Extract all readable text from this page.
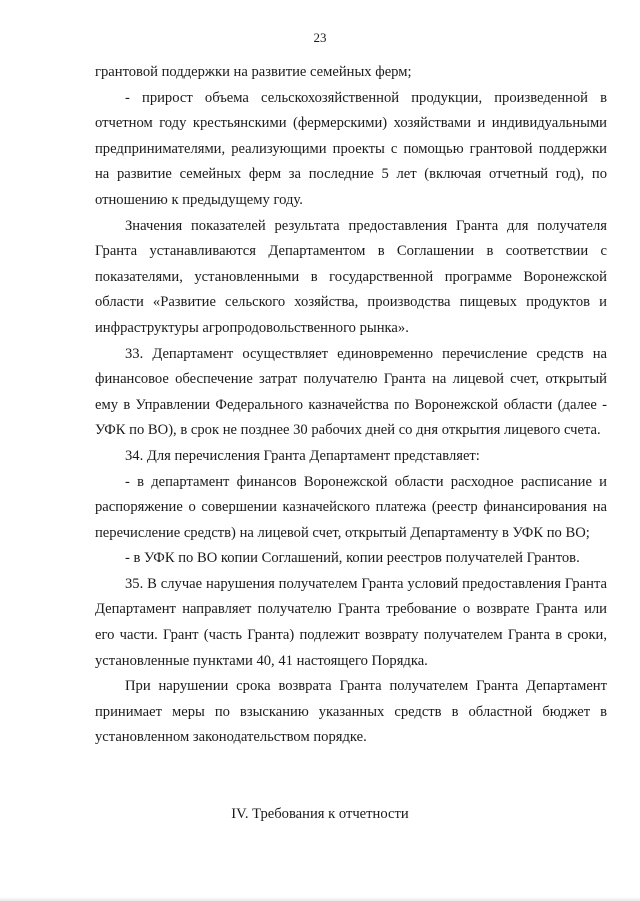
23

грантовой поддержки на развитие семейных ферм;

- прирост объема сельскохозяйственной продукции, произведенной в отчетном году крестьянскими (фермерскими) хозяйствами и индивидуальными предпринимателями, реализующими проекты с помощью грантовой поддержки на развитие семейных ферм за последние 5 лет (включая отчетный год), по отношению к предыдущему году.

Значения показателей результата предоставления Гранта для получателя Гранта устанавливаются Департаментом в Соглашении в соответствии с показателями, установленными в государственной программе Воронежской области «Развитие сельского хозяйства, производства пищевых продуктов и инфраструктуры агропродовольственного рынка».

33. Департамент осуществляет единовременно перечисление средств на финансовое обеспечение затрат получателю Гранта на лицевой счет, открытый ему в Управлении Федерального казначейства по Воронежской области (далее - УФК по ВО), в срок не позднее 30 рабочих дней со дня открытия лицевого счета.

34. Для перечисления Гранта Департамент представляет:

- в департамент финансов Воронежской области расходное расписание и распоряжение о совершении казначейского платежа (реестр финансирования на перечисление средств) на лицевой счет, открытый Департаменту в УФК по ВО;

- в УФК по ВО копии Соглашений, копии реестров получателей Грантов.

35. В случае нарушения получателем Гранта условий предоставления Гранта Департамент направляет получателю Гранта требование о возврате Гранта или его части. Грант (часть Гранта) подлежит возврату получателем Гранта в сроки, установленные пунктами 40, 41 настоящего Порядка.

При нарушении срока возврата Гранта получателем Гранта Департамент принимает меры по взысканию указанных средств в областной бюджет в установленном законодательством порядке.

IV. Требования к отчетности
